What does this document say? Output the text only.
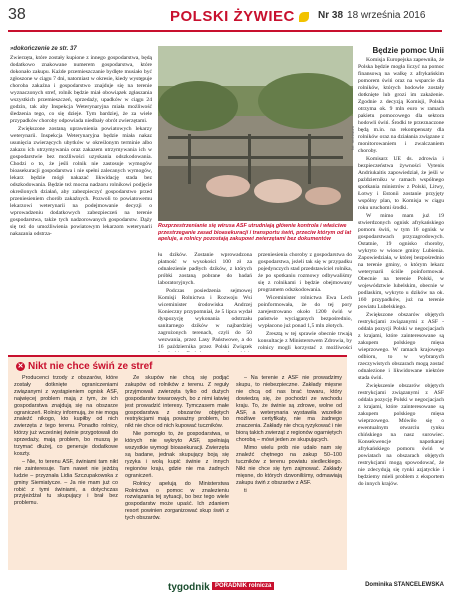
38	POLSKI ŻYWIEC	Nr 38 18 września 2016
»dokończenie ze str. 37

Zwierzęta, które zostały kupione z innego gospodarstwa, będą dodatkowo znakowane numerem gospodarstwa, które dokonało zakupu. Każde przemieszczanie bydlęte musiało być zgłoszone w ciągu 7 dni, natomiast w okresie, kiedy występuje choroba zakaźna i gospodarstwo znajduje się na terenie wyznaczonych stref, rolnik będzie miał obowiązek zgłaszania wszystkich przemieszczeń, sprzedaży, upadków w ciągu 24 godzin, tak aby Inspekcja Weterynaryjna miała możliwość śledzenia tego, co się dzieje. Tym bardziej, że za wiele przypadków choroby odpowiada niedbały obrót zwierzętami.

Zwiększone zostaną uprawnienia powiatowych lekarzy weterynarii. Inspekcja Weterynaryjna będzie miała nakaz usunięcia zwierzęcych ubytków w określonym terminie albo zakazu ich utrzymywania oraz zakazem utrzymywania ich w gospodarstwie bez możliwości uzyskania odszkodowania. Chodzi o to, że jeśli rolnik nie zastosuje wymogów bioasekuracji gospodarstwa i nie spełni zalecanych wymogów, lekarz będzie mógł nakazać likwidację stada bez odszkodowania. Będzie też mocna nadzoru rolnikowi podjęcie określonych działań, aby zabezpieczyć gospodarstwo przed przeniesieniem chorób zakaźnych. Pozwoli to powiatowemu lekarzowi weterynarii na podejmowanie decyzji o wprowadzeniu dodatkowych zabezpieczeń na terenie gospodarstwa, także tych nadzorowanych gospodarstw. Dąży się też do umożliwienia powiatowym lekarzom weterynarii nakazania odstrza-

fot. archiwum
Rozprzestrzenianie się wirusa ASF utrudniają głównie kontrola i właściwe przestrzeganie zasad bioasekuracji i transportu świń, przeciw którym od lat apeluje, a rolnicy pozostają zakupowi zwierzętami bez dokumentów

łu dzików. Zostanie wprowadzona płatność w wysokości 100 zł za odnalezienie padłych dzików, z których próbki zostaną pobrane do badań laboratoryjnych.

Podczas posiedzenia sejmowej Komisji Rolnictwa i Rozwoju Wsi wiceminister środowiska Andrzej Konieczny przypomniał, że 5 lipca wydał dyspozycję wykonania odstrzału sanitarnego dzików w najbardziej zagrożonych terenach, czyli do 50 wezwania, przez Lasy Państwowe, a do 16 października przez Polski Związek

przeniesienia choroby z gospodarstwa do gospodarstwa, jeżeli tak się w przypadku pojedynczych stad przedstawiciel rolnika, że po spotkaniu rozmowy odbywaliśmy się z rolnikami i będzie obejmowany programem odszkodowania.

Wiceminister rolnictwa Ewa Lech poinformowała, że do tej pory zarejestrowano około 1200 świń w państwie wyciąganych bezpośrednio, wypłacono już ponad 1,5 mln złotych.

Zresztą w tej sprawie obecnie trwają konsultacje z Ministerstwem Zdrowia, by rolnicy mogli korzystać z możliwości

Będzie pomoc Unii

Komisja Europejska zapewniła, że Polska będzie mogła liczyć na pomoc finansową na walkę z afrykańskim pomorem świń oraz na wsparcie dla rolników, których hodowle zostały dotknięte lub grozi im zakażenie. Zgodnie z decyzją Komisji, Polska otrzyma ok. 9 mln euro w ramach pakietu pomocowego dla sektora hodowli świń. Środki te przeznaczone będą m.in. na rekompensaty dla rolników oraz na działania związane z monitorowaniem i zwalczaniem choroby.

Komisarz UE ds. zdrowia i bezpieczeństwa żywności Vytenis Andriukaitis zapowiedział, że jeśli w październiku w ramach wspólnego spotkania ministrów z Polski, Litwy, Łotwy i Estonii zostanie przyjęty wspólny plan, to Komisja w ciągu roku uruchomi środki.

W mimo mam już 19 stwierdzonych ognisk afrykańskiego pomoru świń, w tym 16 ognisk w gospodarstwach przyzagrodowych. Ostatnie, 19 ognisko choroby, wykryto w wiosce gminy Lubienia. Zapowiedziała, w której bezpośrednio na terenie gminy, o którym lekarz weterynarii ściśle poinformował. Obecnie na terenie Polski, w województwie lubelskim, obecnie w podlaskim, wykryto u dzików na ok. 160 przypadków, już na terenie powiatu Lubelskiego.

Zwiększone obszarów objętych restrykcjami związanymi z ASF - oddala pozycji Polski w negocjacjach z krajami, które zainteresowane są zakupem polskiego mięsa wieprzowego. W ramach krajowego odbioru, to w wybranych rzeczywistych obszarach mogą zostać odnalezione i likwidowane niektóre stada świń.

Zwiększenie obszarów objętych restrykcjami związanymi z ASF oddala pozycję Polski w negocjacjach z krajami, które zainteresowane są zakupem polskiego mięsa wieprzowego. Mówiło się o ewentualnym otwarciu rynku chińskiego na nasz surowiec. Konsekwencje napotkanej afrykańskiego pomoru świń w powiatach na obszarach objętych restrykcjami mogą spowodować, że nie zdecydują się rynki azjatyckie i będziemy mieli problem z eksportem do innych krajów.

Dominika STANCELEWSKA
✕ Nikt nie chce świń ze stref

Producenci trzody z obszarów, które zostały dotknięte ograniczeniami związanymi z wystąpieniem ognisk ASF, najwięcej problem mają z tym, że ich gospodarstwa znajdują się na obszarze ograniczeń. Rolnicy informują, że nie mogą znaleźć nikogo, kto kupiłby od nich zwierzęta z tego terenu. Ponadto rolnicy, którzy już wcześniej świnie przygotowali do sprzedaży, mają problem, bo muszą je trzymać dłużej, co generuje dodatkowe koszty.

– Nie, to terenu ASF, świniami tam nikt nie zainteresuje. Tam nawet nie jeżdżą ludzie – przyznała Lidia Szczupakowska z gminy Siemiatycze. – Ja nie mam już co robić z tymi świniami, a dotychczas przyjeżdżał tu skupujący i brał bez problemu.

Ze skupów nie chcą się podjąć zakupów od rolników z terenu. Z reguły przyjmowali zwierzęta tylko od dużych gospodarstw towarowych, bo z nimi łatwiej jest prowadzić interesy. Tymczasem małe gospodarstwa z obszarów objętych restrykcjami mają poważny problem, bo nikt nie chce od nich kupować tuczników.

Nie pomogło to, że gospodarstwa, w których nie wykryto ASF, spełniają wszystkie wymogi bioasekuracji. Zwierzęta są badane, jednak skupujący boją się ryzyka i wolą kupić świnie z innych regionów kraju, gdzie nie ma żadnych ograniczeń.

Rolnicy apelują do Ministerstwa Rolnictwa o pomoc w znalezieniu rozwiązania tej sytuacji, bo bez tego wiele gospodarstw może upaść. Ich zdaniem resort powinien zorganizować skup świń z tych obszarów.

– Na terenie z ASF nie prowadzimy skupu, to niebezpieczne. Zakłady mięsne nie chcą od nas brać towaru, który dowiedzą się, że pochodzi ze wschodu kraju. To, że świnie są zdrowe, wolne od ASF, a weterynaria wystawiła wszelkie możliwe certyfikaty, nie ma żadnego znaczenia. Zakłady nie chcą ryzykować i nie biorą takich zwierząt z regionów ogarniętych chorobą – mówi jeden ze skupujących.

Mimo wielu prób nie udało nam się znaleźć chętnego na zakup 50–100 tuczników z terenu powiatu siedleckiego. Nikt nie chce się tym zajmować. Zakłady mięsne, do których dzwoniliśmy, odmawiają zakupu świń z obszarów z ASF.

ti

tygodnik PORADNIK rolnicza
